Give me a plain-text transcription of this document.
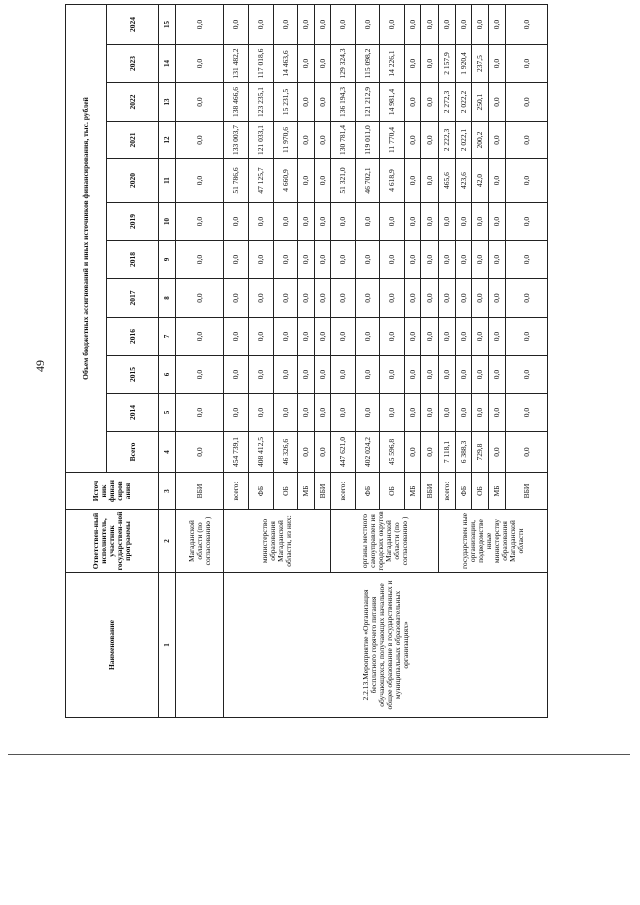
49
Наименование	Ответствен-ный исполнитель, участник государствен-ной программы	Источ ник финан сиров ания	Объем бюджетных ассигнований и иных источников финансирования, тыс. рублей											
			Всего	2014	2015	2016	2017	2018	2019	2020	2021	2022	2023	2024
1	2	3	4	5	6	7	8	9	10	11	12	13	14	15
	Магаданской области (по согласованию )	ВБИ	0,0	0,0	0,0	0,0	0,0	0,0	0,0	0,0	0,0	0,0	0,0	0,0
2.2.13.Мероприятие «Организация бесплатного горячего питания обучающихся, получающих начальное общее образование в государственных и муниципальных образовательных организациях»	министерство образования Магаданской области, из них:	всего:	454 739,1	0,0	0,0	0,0	0,0	0,0	0,0	51 786,6	133 003,7	138 466,6	131 482,2	0,0
		ФБ	408 412,5	0,0	0,0	0,0	0,0	0,0	0,0	47 125,7	121 033,1	123 235,1	117 018,6	0,0
		ОБ	46 326,6	0,0	0,0	0,0	0,0	0,0	0,0	4 660,9	11 970,6	15 231,5	14 463,6	0,0
		МБ	0,0	0,0	0,0	0,0	0,0	0,0	0,0	0,0	0,0	0,0	0,0	0,0
		ВБИ	0,0	0,0	0,0	0,0	0,0	0,0	0,0	0,0	0,0	0,0	0,0	0,0
	органы местного самоуправлен ия городских округов Магаданской области (по согласованию )	всего:	447 621,0	0,0	0,0	0,0	0,0	0,0	0,0	51 321,0	130 781,4	136 194,3	129 324,3	0,0
		ФБ	402 024,2	0,0	0,0	0,0	0,0	0,0	0,0	46 702,1	119 011,0	121 212,9	115 098,2	0,0
		ОБ	45 596,8	0,0	0,0	0,0	0,0	0,0	0,0	4 618,9	11 770,4	14 981,4	14 226,1	0,0
		МБ	0,0	0,0	0,0	0,0	0,0	0,0	0,0	0,0	0,0	0,0	0,0	0,0
		ВБИ	0,0	0,0	0,0	0,0	0,0	0,0	0,0	0,0	0,0	0,0	0,0	0,0
	государствен ные организации, подведомстве нные министерству образования Магаданской области	всего:	7 118,1	0,0	0,0	0,0	0,0	0,0	0,0	465,6	2 222,3	2 272,3	2 157,9	0,0
		ФБ	6 388,3	0,0	0,0	0,0	0,0	0,0	0,0	423,6	2 022,1	2 022,2	1 920,4	0,0
		ОБ	729,8	0,0	0,0	0,0	0,0	0,0	0,0	42,0	200,2	250,1	237,5	0,0
		МБ	0,0	0,0	0,0	0,0	0,0	0,0	0,0	0,0	0,0	0,0	0,0	0,0
		ВБИ	0,0	0,0	0,0	0,0	0,0	0,0	0,0	0,0	0,0	0,0	0,0	0,0
